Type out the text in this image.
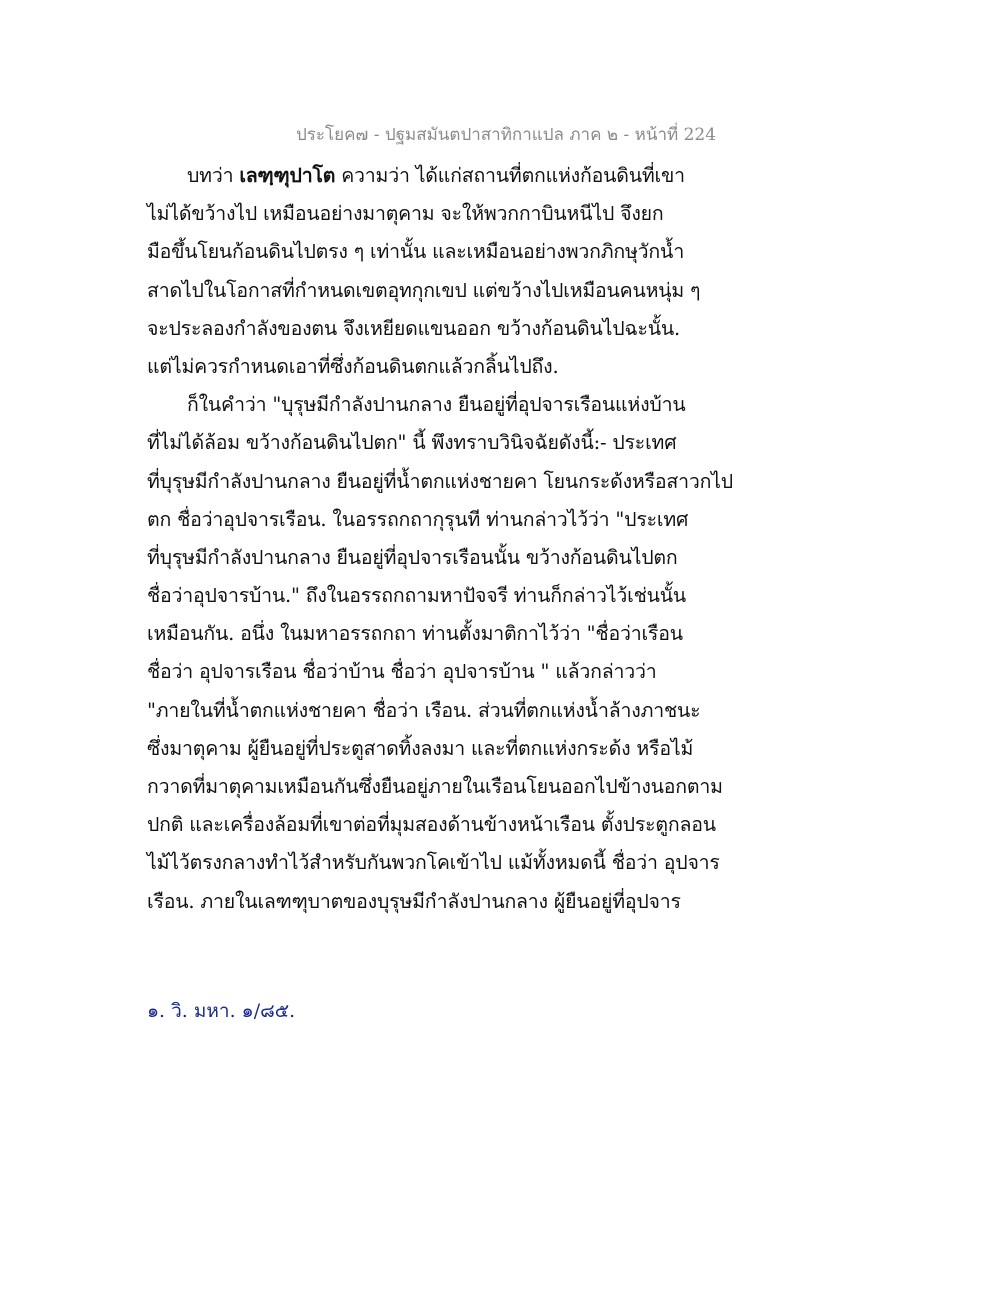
ประโยค๗ - ปฐมสมันตปาสาทิกาแปล ภาค ๒ - หน้าที่ 224
บทว่า เลฑฺฑุปาโต ความว่า ได้แก่สถานที่ตกแห่งก้อนดินที่เขา
ไม่ได้ขว้างไป เหมือนอย่างมาตุคาม จะให้พวกกาบินหนีไป จึงยก
มือขึ้นโยนก้อนดินไปตรง ๆ เท่านั้น และเหมือนอย่างพวกภิกษุวักน้ำ
สาดไปในโอกาสที่กำหนดเขตอุทกุกเขป แต่ขว้างไปเหมือนคนหนุ่ม ๆ
จะประลองกำลังของตน จึงเหยียดแขนออก ขว้างก้อนดินไปฉะนั้น.
แต่ไม่ควรกำหนดเอาที่ซึ่งก้อนดินตกแล้วกลิ้นไปถึง.
ก็ในคำว่า "บุรุษมีกำลังปานกลาง ยืนอยู่ที่อุปจารเรือนแห่งบ้าน
ที่ไม่ได้ล้อม ขว้างก้อนดินไปตก" นี้ พึงทราบวินิจฉัยดังนี้:- ประเทศ
ที่บุรุษมีกำลังปานกลาง ยืนอยู่ที่น้ำตกแห่งชายคา โยนกระด้งหรือสาวกไป
ตก ชื่อว่าอุปจารเรือน. ในอรรถกถากุรุนที ท่านกล่าวไว้ว่า "ประเทศ
ที่บุรุษมีกำลังปานกลาง ยืนอยู่ที่อุปจารเรือนนั้น ขว้างก้อนดินไปตก
ชื่อว่าอุปจารบ้าน." ถึงในอรรถกถามหาปัจจรี ท่านก็กล่าวไว้เช่นนั้น
เหมือนกัน. อนึ่ง ในมหาอรรถกถา ท่านตั้งมาติกาไว้ว่า "ชื่อว่าเรือน
ชื่อว่า อุปจารเรือน ชื่อว่าบ้าน ชื่อว่า อุปจารบ้าน " แล้วกล่าวว่า
"ภายในที่น้ำตกแห่งชายคา ชื่อว่า เรือน. ส่วนที่ตกแห่งน้ำล้างภาชนะ
ซึ่งมาตุคาม ผู้ยืนอยู่ที่ประตูสาดทิ้งลงมา และที่ตกแห่งกระด้ง หรือไม้
กวาดที่มาตุคามเหมือนกันซึ่งยืนอยู่ภายในเรือนโยนออกไปข้างนอกตาม
ปกติ และเครื่องล้อมที่เขาต่อที่มุมสองด้านข้างหน้าเรือน ตั้งประตูกลอน
ไม้ไว้ตรงกลางทำไว้สำหรับกันพวกโคเข้าไป แม้ทั้งหมดนี้ ชื่อว่า อุปจาร
เรือน. ภายในเลฑฑุบาตของบุรุษมีกำลังปานกลาง ผู้ยืนอยู่ที่อุปจาร
๑. วิ. มหา. ๑/๘๕.
